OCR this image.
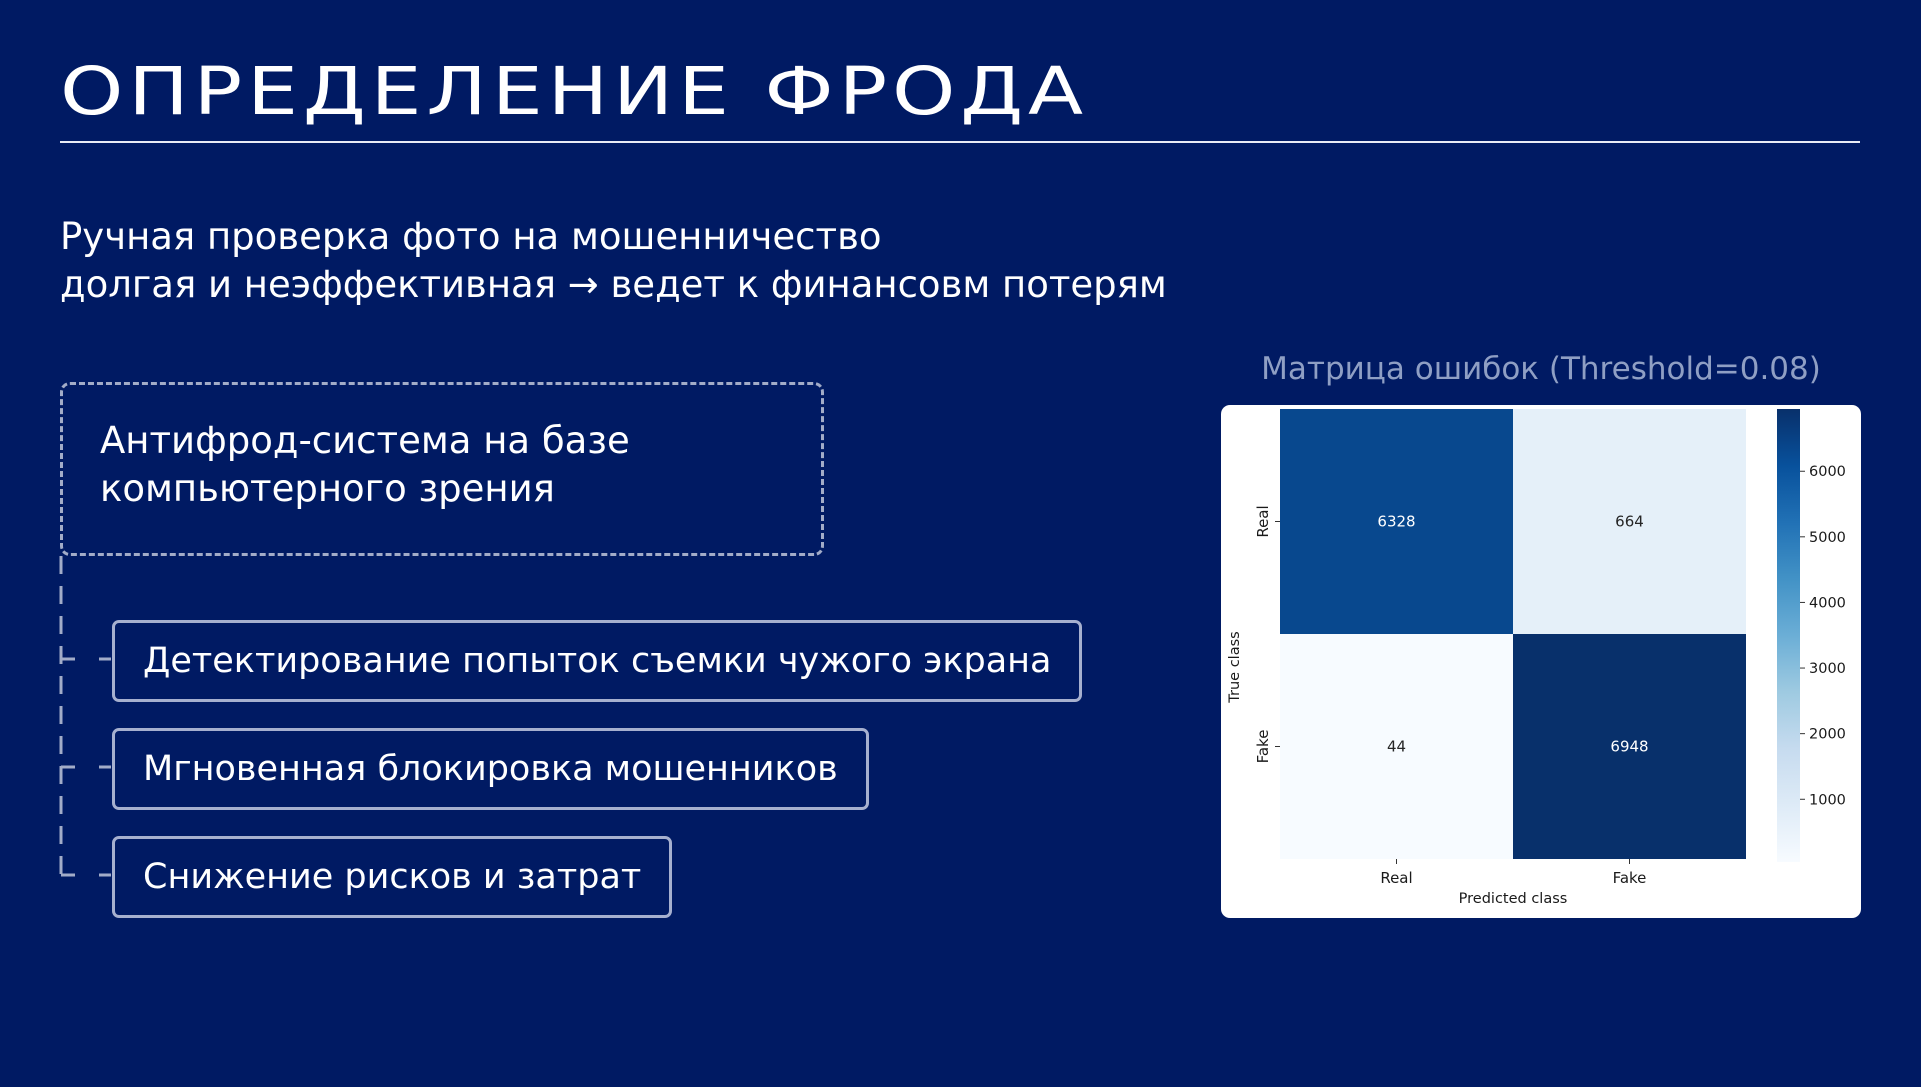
ОПРЕДЕЛЕНИЕ ФРОДА
Ручная проверка фото на мошенничество
долгая и неэффективная → ведет к финансовм потерям
Антифрод-система на базе
компьютерного зрения
Детектирование попыток съемки чужого экрана
Мгновенная блокировка мошенников
Снижение рисков и затрат
Матрица ошибок (Threshold=0.08)
6328	664
44	6948
Real	Fake
Real
Fake
Predicted class
True class
1000
2000
3000
4000
5000
6000
